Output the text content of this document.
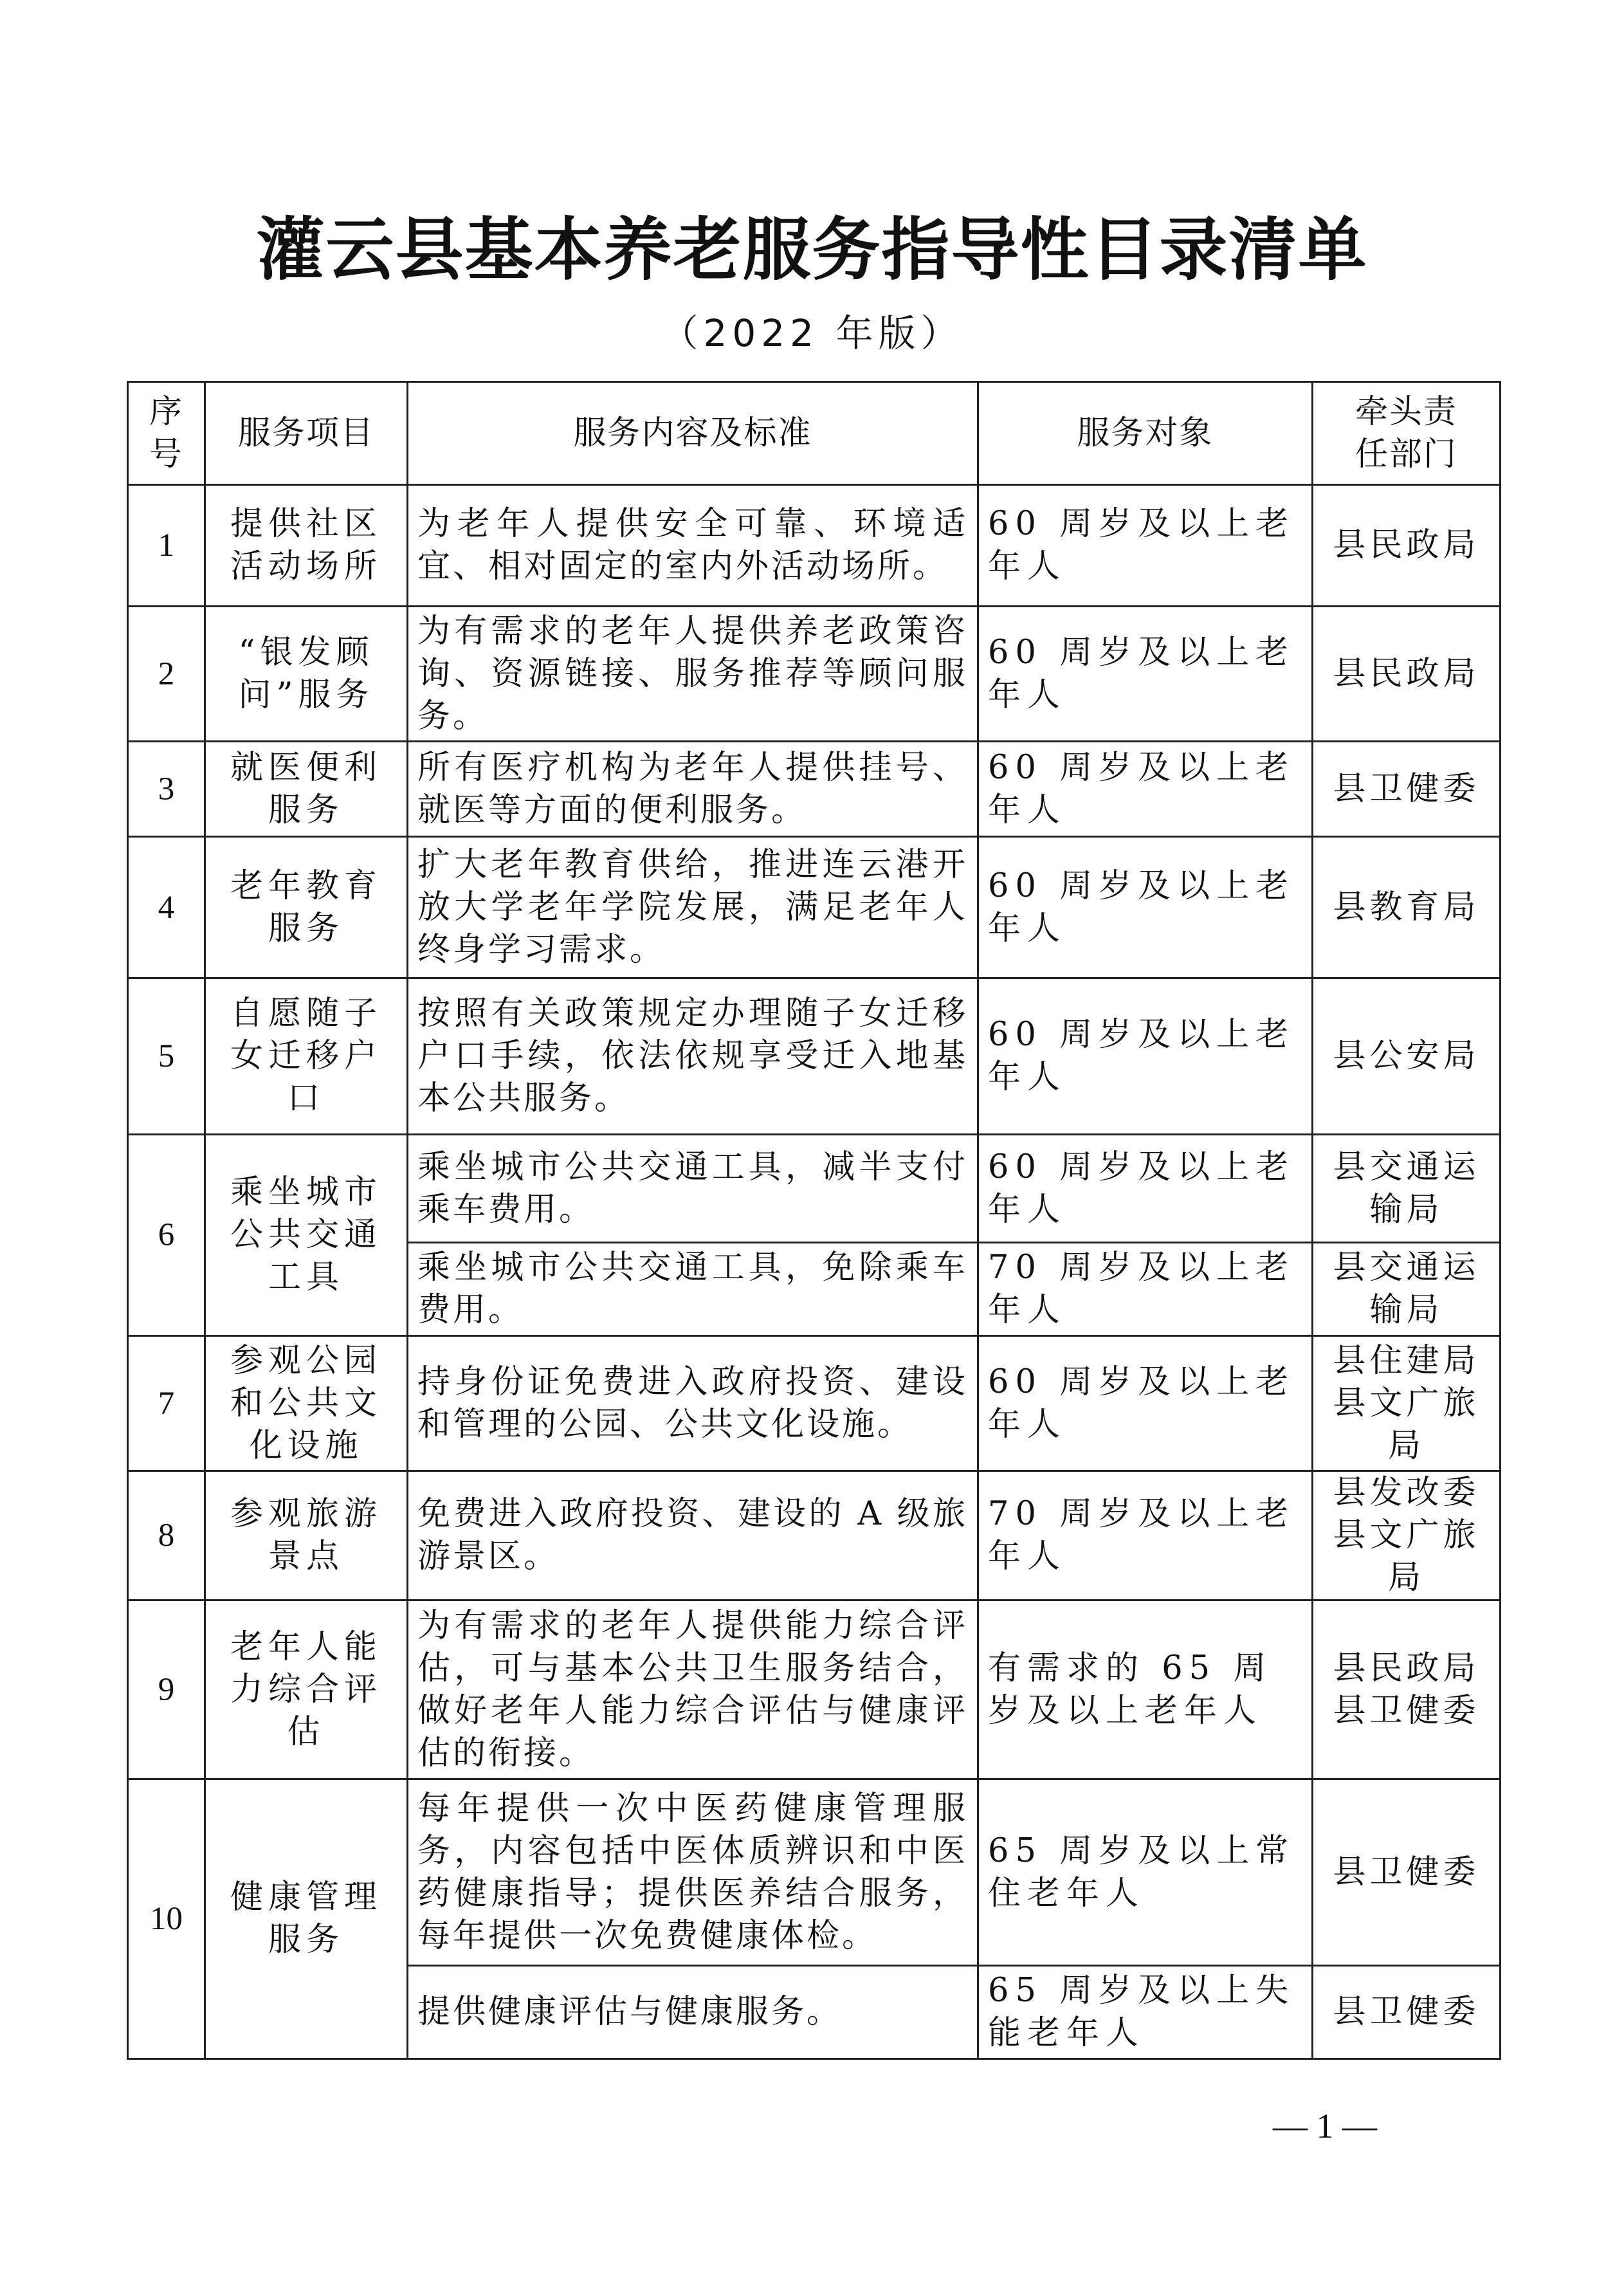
灌云县基本养老服务指导性目录清单
（2022 年版）
序号	服务项目	服务内容及标准	服务对象	牵头责任部门
1	提供社区活动场所	为老年人提供安全可靠、环境适宜、相对固定的室内外活动场所。	60 周岁及以上老年人	县民政局
2	“银发顾问”服务	为有需求的老年人提供养老政策咨询、资源链接、服务推荐等顾问服务。	60 周岁及以上老年人	县民政局
3	就医便利服务	所有医疗机构为老年人提供挂号、就医等方面的便利服务。	60 周岁及以上老年人	县卫健委
4	老年教育服务	扩大老年教育供给，推进连云港开放大学老年学院发展，满足老年人终身学习需求。	60 周岁及以上老年人	县教育局
5	自愿随子女迁移户口	按照有关政策规定办理随子女迁移户口手续，依法依规享受迁入地基本公共服务。	60 周岁及以上老年人	县公安局
6	乘坐城市公共交通工具	乘坐城市公共交通工具，减半支付乘车费用。	60 周岁及以上老年人	县交通运输局
		乘坐城市公共交通工具，免除乘车费用。	70 周岁及以上老年人	县交通运输局
7	参观公园和公共文化设施	持身份证免费进入政府投资、建设和管理的公园、公共文化设施。	60 周岁及以上老年人	县住建局县文广旅局
8	参观旅游景点	免费进入政府投资、建设的 A 级旅游景区。	70 周岁及以上老年人	县发改委县文广旅局
9	老年人能力综合评估	为有需求的老年人提供能力综合评估，可与基本公共卫生服务结合，做好老年人能力综合评估与健康评估的衔接。	有需求的 65 周岁及以上老年人	县民政局县卫健委
10	健康管理服务	每年提供一次中医药健康管理服务，内容包括中医体质辨识和中医药健康指导；提供医养结合服务，每年提供一次免费健康体检。	65 周岁及以上常住老年人	县卫健委
		提供健康评估与健康服务。	65 周岁及以上失能老年人	县卫健委
— 1 —
